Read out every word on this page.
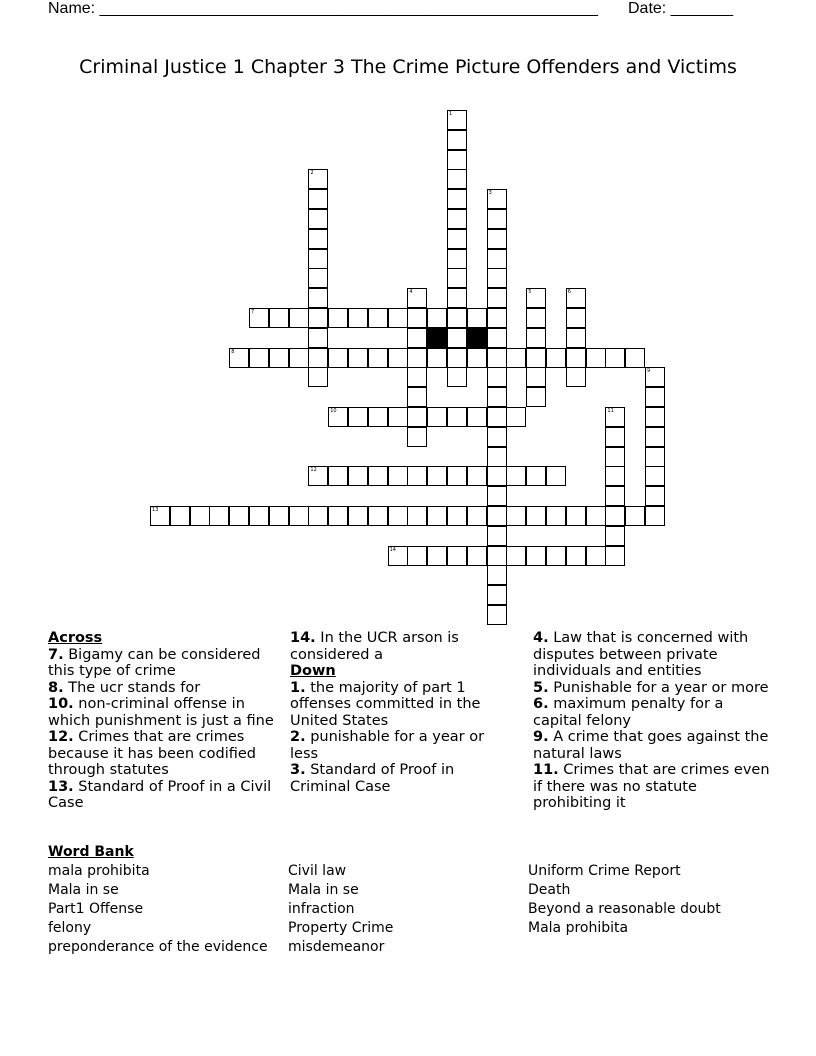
Name: ________________________________________________________ Date: _______
Criminal Justice 1 Chapter 3 The Crime Picture Offenders and Victims
1
2
3
4	5	6
7
8
9
10	11
12
13
14
Across
7. Bigamy can be considered this type of crime
8. The ucr stands for
10. non-criminal offense in which punishment is just a fine
12. Crimes that are crimes because it has been codified through statutes
13. Standard of Proof in a Civil Case
14. In the UCR arson is considered a
Down
1. the majority of part 1 offenses committed in the United States
2. punishable for a year or less
3. Standard of Proof in Criminal Case
4. Law that is concerned with disputes between private individuals and entities
5. Punishable for a year or more
6. maximum penalty for a capital felony
9. A crime that goes against the natural laws
11. Crimes that are crimes even if there was no statute prohibiting it
Word Bank
mala prohibita
Mala in se
Part1 Offense
felony
preponderance of the evidence
Civil law
Mala in se
infraction
Property Crime
misdemeanor
Uniform Crime Report
Death
Beyond a reasonable doubt
Mala prohibita
